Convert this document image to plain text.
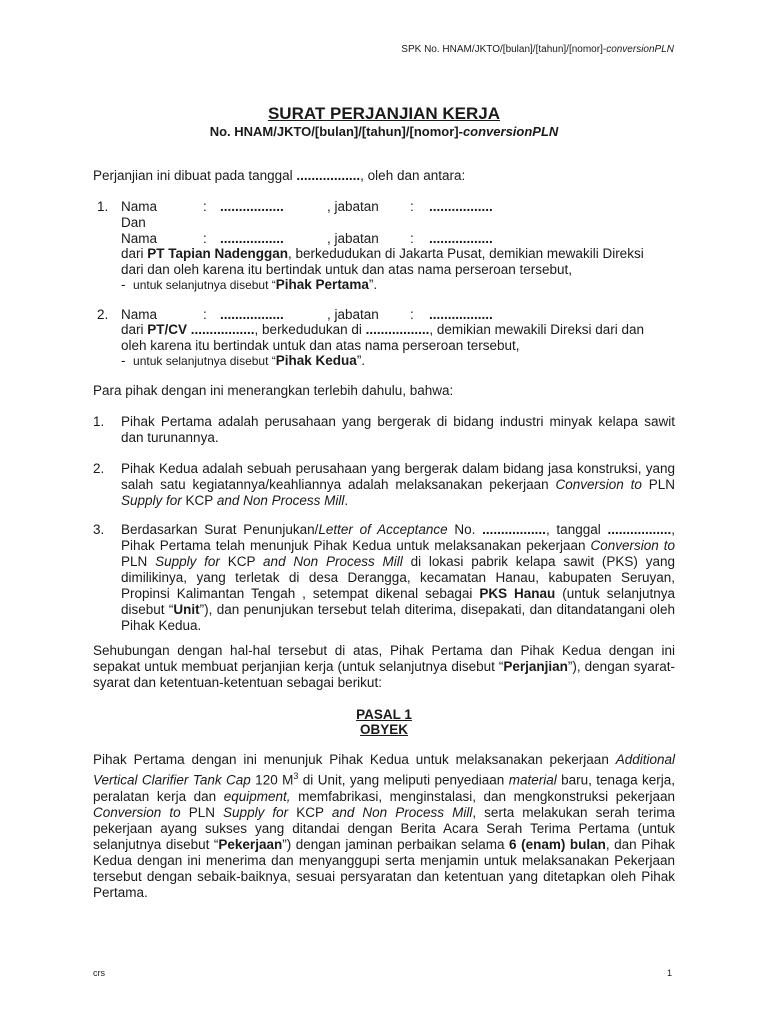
SPK No. HNAM/JKTO/[bulan]/[tahun]/[nomor]-conversionPLN
SURAT PERJANJIAN KERJA
No. HNAM/JKTO/[bulan]/[tahun]/[nomor]-conversionPLN
Perjanjian ini dibuat pada tanggal ................., oleh dan antara:
1. Nama	: .................	, jabatan : .................
Dan
Nama	: .................	, jabatan : .................
dari PT Tapian Nadenggan, berkedudukan di Jakarta Pusat, demikian mewakili Direksi
dari dan oleh karena itu bertindak untuk dan atas nama perseroan tersebut,
- untuk selanjutnya disebut “Pihak Pertama”.
2. Nama	: .................	, jabatan : .................
dari PT/CV ................., berkedudukan di ................., demikian mewakili Direksi dari dan
oleh karena itu bertindak untuk dan atas nama perseroan tersebut,
- untuk selanjutnya disebut “Pihak Kedua”.
Para pihak dengan ini menerangkan terlebih dahulu, bahwa:
1. Pihak Pertama adalah perusahaan yang bergerak di bidang industri minyak kelapa sawit dan turunannya.
2. Pihak Kedua adalah sebuah perusahaan yang bergerak dalam bidang jasa konstruksi, yang salah satu kegiatannya/keahliannya adalah melaksanakan pekerjaan Conversion to PLN Supply for KCP and Non Process Mill.
3. Berdasarkan Surat Penunjukan/Letter of Acceptance No. ................., tanggal ................., Pihak Pertama telah menunjuk Pihak Kedua untuk melaksanakan pekerjaan Conversion to PLN Supply for KCP and Non Process Mill di lokasi pabrik kelapa sawit (PKS) yang dimilikinya, yang terletak di desa Derangga, kecamatan Hanau, kabupaten Seruyan, Propinsi Kalimantan Tengah , setempat dikenal sebagai PKS Hanau (untuk selanjutnya disebut “Unit”), dan penunjukan tersebut telah diterima, disepakati, dan ditandatangani oleh Pihak Kedua.
Sehubungan dengan hal-hal tersebut di atas, Pihak Pertama dan Pihak Kedua dengan ini sepakat untuk membuat perjanjian kerja (untuk selanjutnya disebut “Perjanjian”), dengan syarat-syarat dan ketentuan-ketentuan sebagai berikut:
PASAL 1
OBYEK
Pihak Pertama dengan ini menunjuk Pihak Kedua untuk melaksanakan pekerjaan Additional Vertical Clarifier Tank Cap 120 $M^3$ di Unit, yang meliputi penyediaan material baru, tenaga kerja, peralatan kerja dan equipment, memfabrikasi, menginstalasi, dan mengkonstruksi pekerjaan Conversion to PLN Supply for KCP and Non Process Mill, serta melakukan serah terima pekerjaan ayang sukses yang ditandai dengan Berita Acara Serah Terima Pertama (untuk selanjutnya disebut “Pekerjaan”) dengan jaminan perbaikan selama 6 (enam) bulan, dan Pihak Kedua dengan ini menerima dan menyanggupi serta menjamin untuk melaksanakan Pekerjaan tersebut dengan sebaik-baiknya, sesuai persyaratan dan ketentuan yang ditetapkan oleh Pihak Pertama.
crs	1
